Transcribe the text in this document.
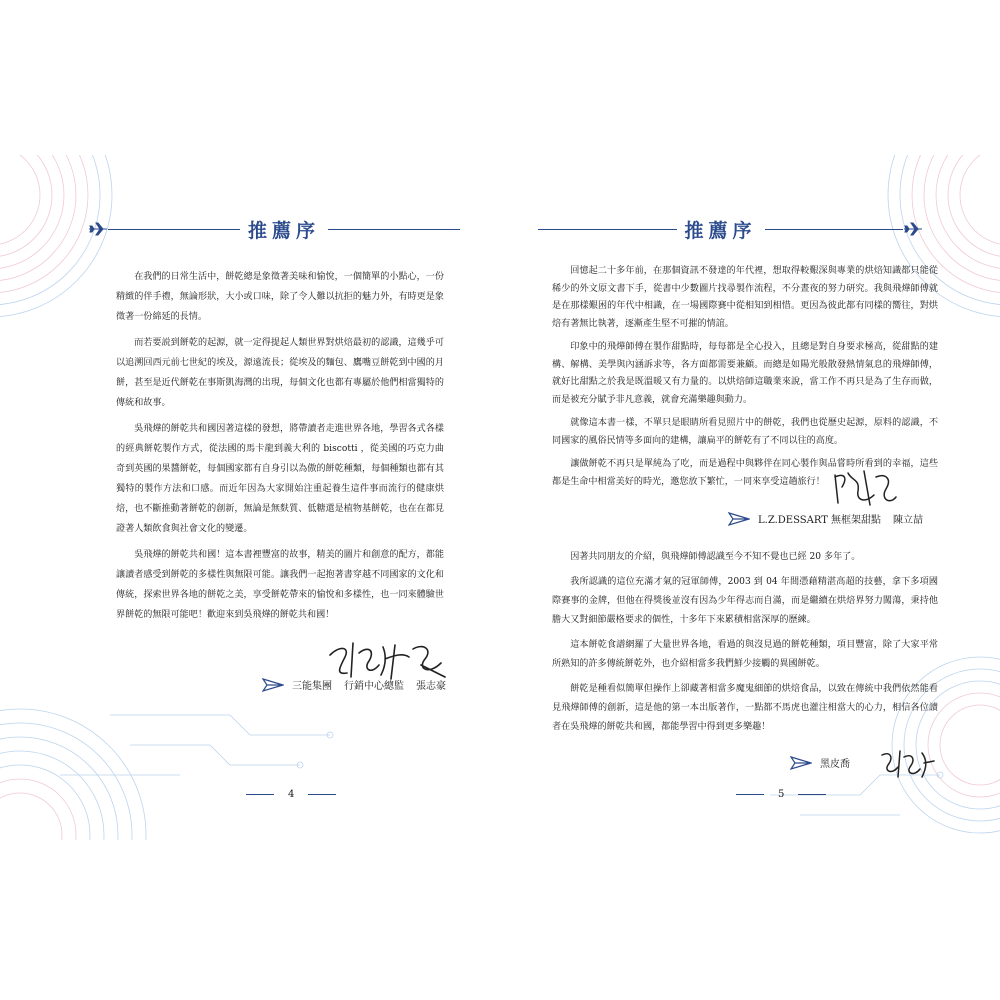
推薦序

在我們的日常生活中，餅乾總是象徵著美味和愉悅，一個簡單的小點心，一份精緻的伴手禮，無論形狀，大小或口味，除了令人難以抗拒的魅力外，有時更是象徵著一份綿延的長情。

而若要説到餅乾的起源，就一定得提起人類世界對烘焙最初的認識，這幾乎可以追溯回西元前七世紀的埃及，源遠流長；從埃及的麵包、鷹嘴豆餅乾到中國的月餅，甚至是近代餅乾在事斯凱海灣的出現，每個文化也都有專屬於他們相當獨特的傳統和故事。

吳飛燁的餅乾共和國因著這樣的發想，將帶讀者走進世界各地，學習各式各樣的經典餅乾製作方式，從法國的馬卡龍到義大利的 biscotti ，從美國的巧克力曲奇到英國的果醬餅乾，每個國家都有自身引以為傲的餅乾種類，每個種類也都有其獨特的製作方法和口感。而近年因為大家開始注重起養生這件事而流行的健康烘焙，也不斷推動著餅乾的創新，無論是無麩質、低糖還是植物基餅乾，也在在都見證著人類飲食與社會文化的變遷。

吳飛燁的餅乾共和國！這本書裡豐富的故事，精美的圖片和創意的配方，都能讓讀者感受到餅乾的多樣性與無限可能。讓我們一起抱著書穿越不同國家的文化和傳統，探索世界各地的餅乾之美，享受餅乾帶來的愉悅和多樣性，也一同來體驗世界餅乾的無限可能吧！歡迎來到吳飛燁的餅乾共和國！

三能集團 行銷中心總監 張志豪
4
推薦序

回憶起二十多年前，在那個資訊不發達的年代裡，想取得較艱深與專業的烘焙知識都只能從稀少的外文原文書下手，從書中少數圖片找尋製作流程，不分晝夜的努力研究。我與飛燁師傅就是在那樣艱困的年代中相識，在一場國際賽中從相知到相惜。更因為彼此都有同樣的嚮往，對烘焙有著無比執著，逐漸產生堅不可摧的情誼。

印象中的飛燁師傅在製作甜點時，每每都是全心投入，且總是對自身要求極高，從甜點的建構、解構、美學與內涵訴求等，各方面都需要兼顧。而總是如陽光般散發熱情氣息的飛燁師傅，就好比甜點之於我是既溫暖又有力量的。以烘焙師這職業來說，當工作不再只是為了生存而做，而是被充分賦予非凡意義，就會充滿樂趣與動力。

就像這本書一樣，不單只是眼睛所看見照片中的餅乾，我們也從歷史起源，原料的認識，不同國家的風俗民情等多面向的建構，讓扁平的餅乾有了不同以往的高度。

讓做餅乾不再只是單純為了吃，而是過程中與夥伴在同心製作與品嘗時所看到的幸福，這些都是生命中相當美好的時光，邀您放下繁忙，一同來享受這趟旅行！

L.Z.DESSART 無框架甜點 陳立喆

因著共同朋友的介紹，與飛燁師傅認識至今不知不覺也已經 20 多年了。

我所認識的這位充滿才氣的冠軍師傅，2003 到 04 年間憑藉精湛高超的技藝，拿下多項國際賽事的金牌，但他在得獎後並沒有因為少年得志而自滿，而是繼續在烘焙界努力闖蕩，秉持他膽大又對細節嚴格要求的個性，十多年下來累積相當深厚的歷練。

這本餅乾食譜網羅了大量世界各地，看過的與沒見過的餅乾種類，項目豐富，除了大家平常所熟知的許多傳統餅乾外，也介紹相當多我們鮮少接觸的異國餅乾。

餅乾是種看似簡單但操作上卻藏著相當多魔鬼細節的烘焙食品，以致在傳統中我們依然能看見飛燁師傅的創新，這是他的第一本出版著作，一點都不馬虎也灌注相當大的心力，相信各位讀者在吳飛燁的餅乾共和國，都能學習中得到更多樂趣！

黑皮喬
5
